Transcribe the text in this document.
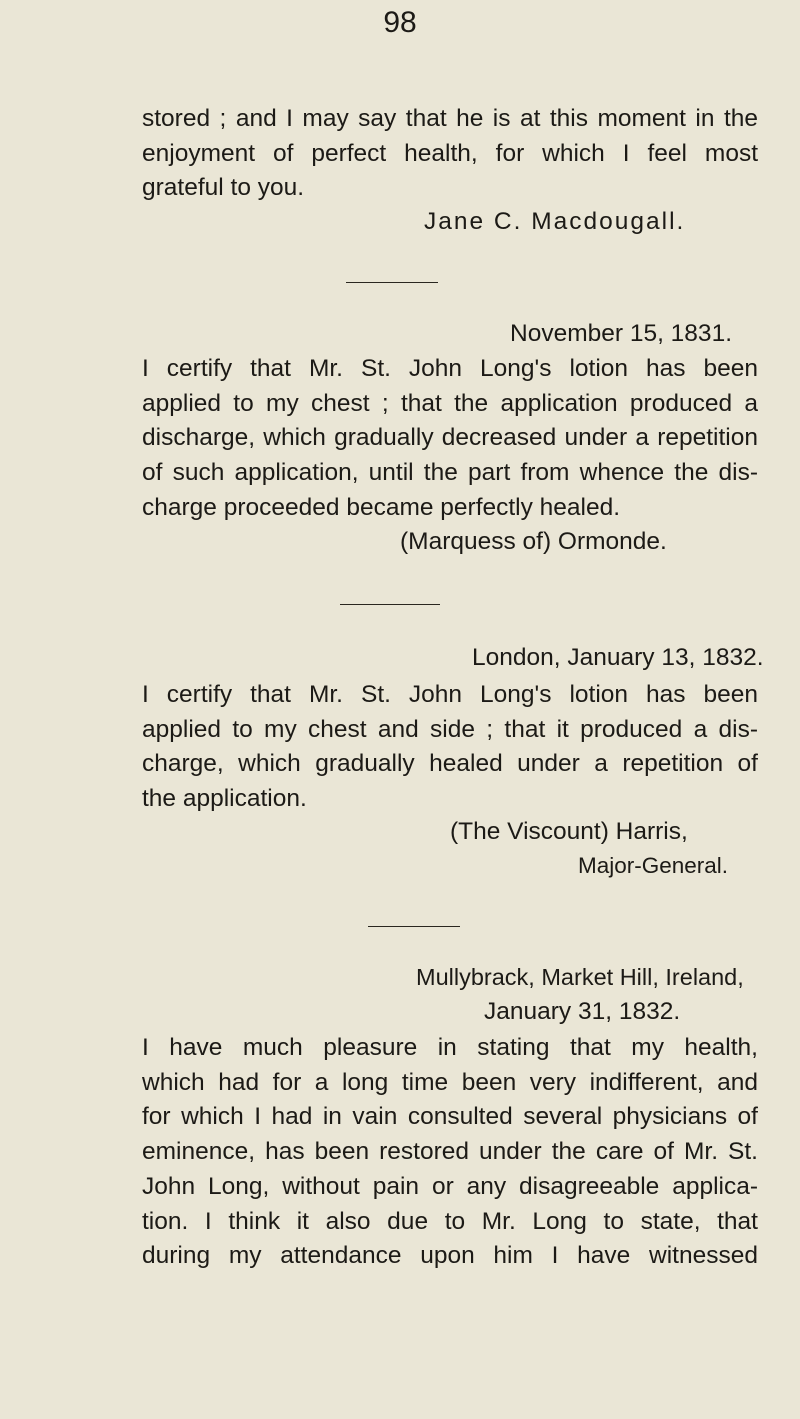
98
stored ; and I may say that he is at this moment in the
enjoyment of perfect health, for which I feel most
grateful to you.
Jane C. Macdougall.
November 15, 1831.
I certify that Mr. St. John Long's lotion has been
applied to my chest ; that the application produced a
discharge, which gradually decreased under a repetition
of such application, until the part from whence the dis-
charge proceeded became perfectly healed.
(Marquess of) Ormonde.
London, January 13, 1832.
I certify that Mr. St. John Long's lotion has been
applied to my chest and side ; that it produced a dis-
charge, which gradually healed under a repetition of
the application.
(The Viscount) Harris,
Major-General.
Mullybrack, Market Hill, Ireland,
January 31, 1832.
I have much pleasure in stating that my health,
which had for a long time been very indifferent, and
for which I had in vain consulted several physicians of
eminence, has been restored under the care of Mr. St.
John Long, without pain or any disagreeable applica-
tion. I think it also due to Mr. Long to state, that
during my attendance upon him I have witnessed
